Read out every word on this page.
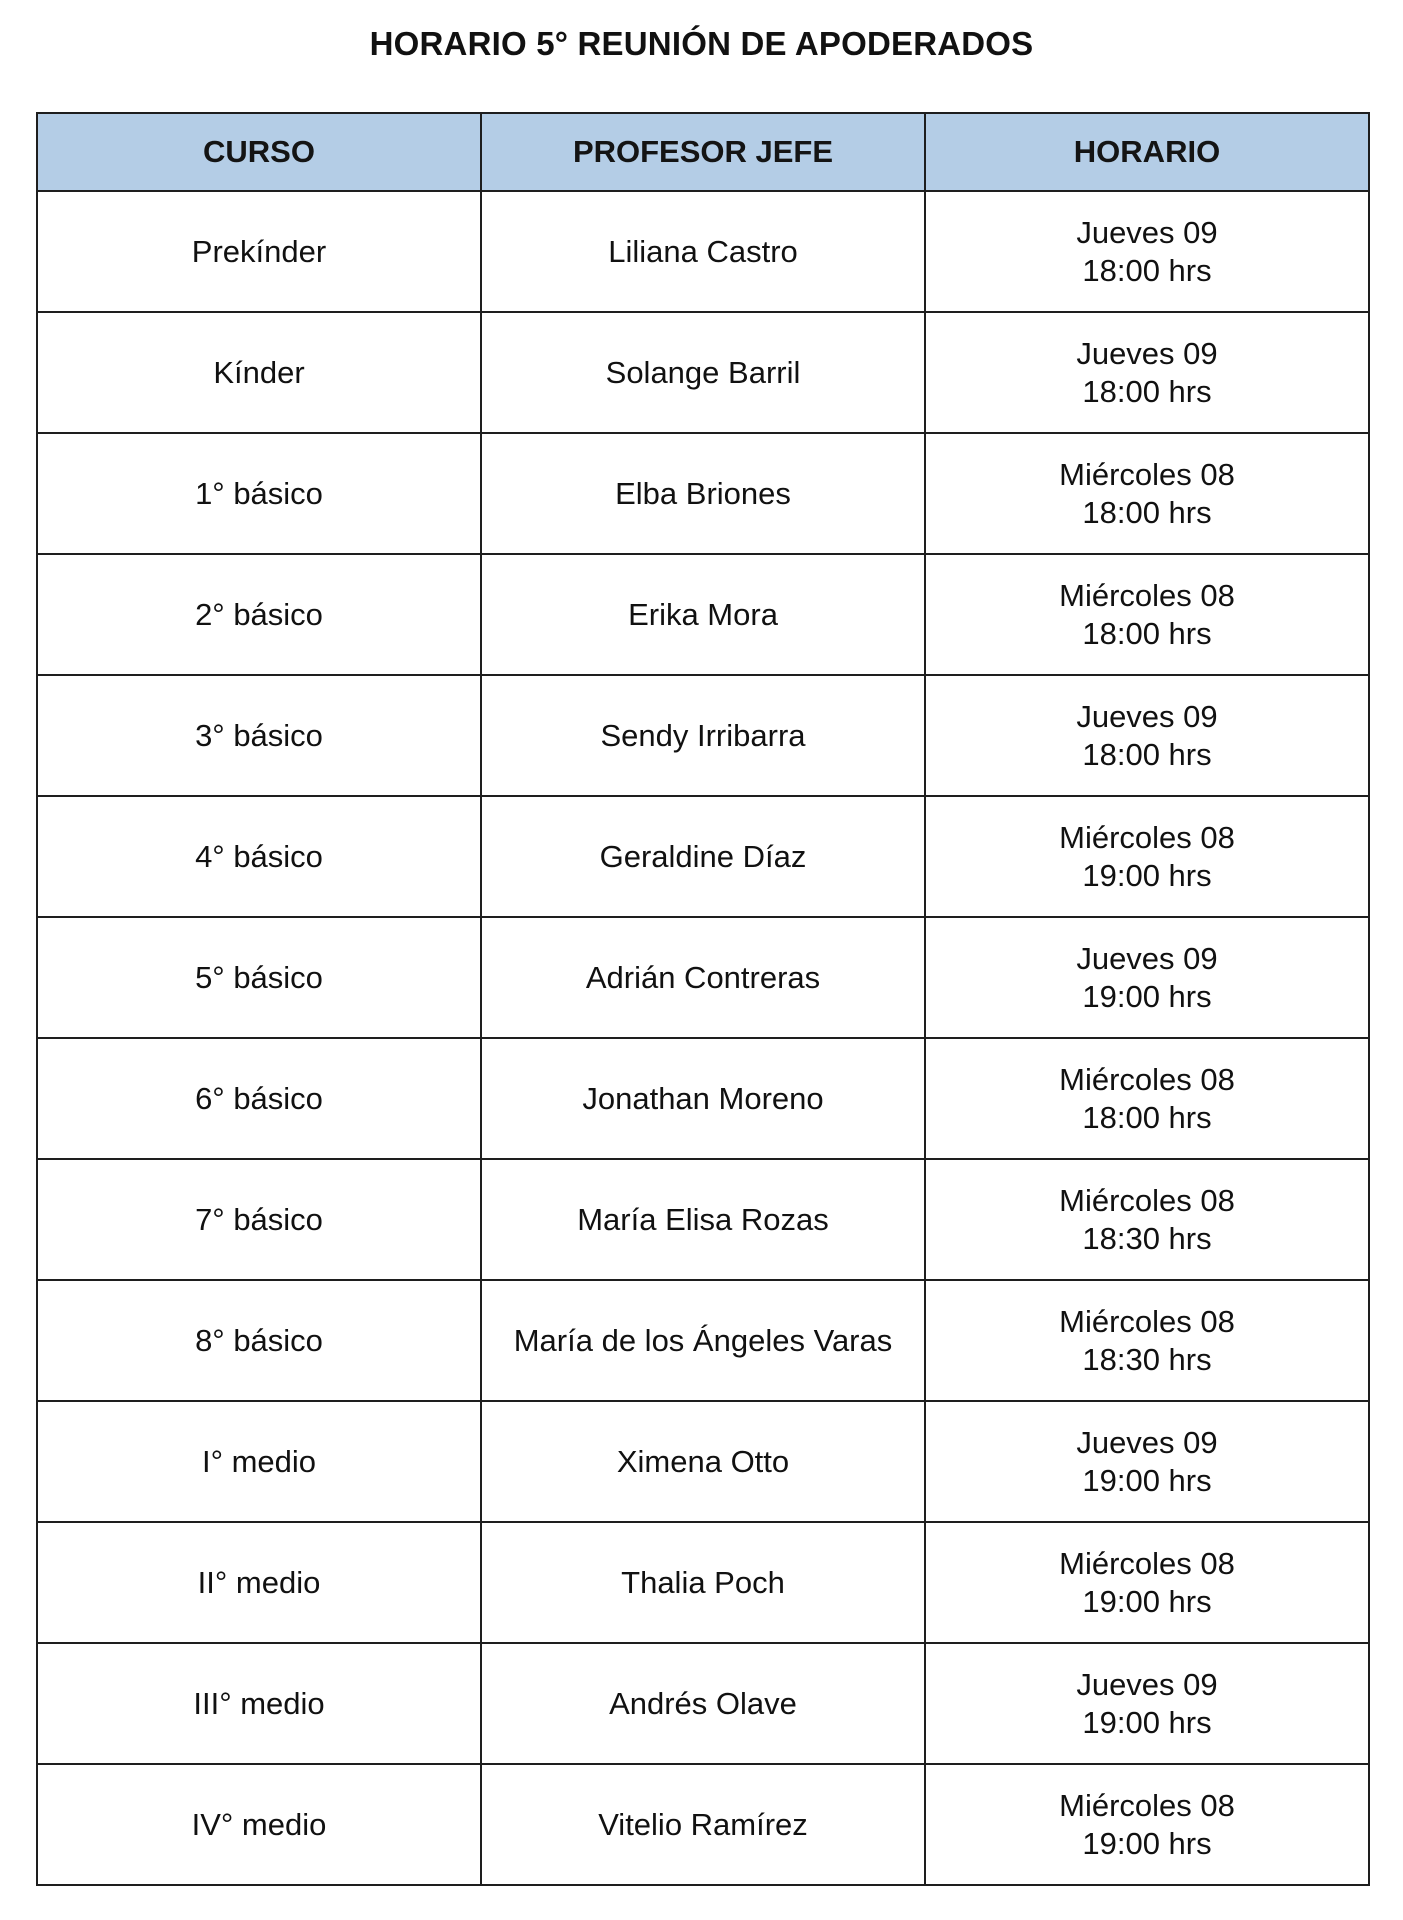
HORARIO 5° REUNIÓN DE APODERADOS
CURSO	PROFESOR JEFE	HORARIO
Prekínder	Liliana Castro	Jueves 09
18:00 hrs

Kínder	Solange Barril	Jueves 09
18:00 hrs

1° básico	Elba Briones	Miércoles 08
18:00 hrs

2° básico	Erika Mora	Miércoles 08
18:00 hrs

3° básico	Sendy Irribarra	Jueves 09
18:00 hrs

4° básico	Geraldine Díaz	Miércoles 08
19:00 hrs

5° básico	Adrián Contreras	Jueves 09
19:00 hrs

6° básico	Jonathan Moreno	Miércoles 08
18:00 hrs

7° básico	María Elisa Rozas	Miércoles 08
18:30 hrs

8° básico	María de los Ángeles Varas	Miércoles 08
18:30 hrs

I° medio	Ximena Otto	Jueves 09
19:00 hrs

II° medio	Thalia Poch	Miércoles 08
19:00 hrs

III° medio	Andrés Olave	Jueves 09
19:00 hrs

IV° medio	Vitelio Ramírez	Miércoles 08
19:00 hrs
